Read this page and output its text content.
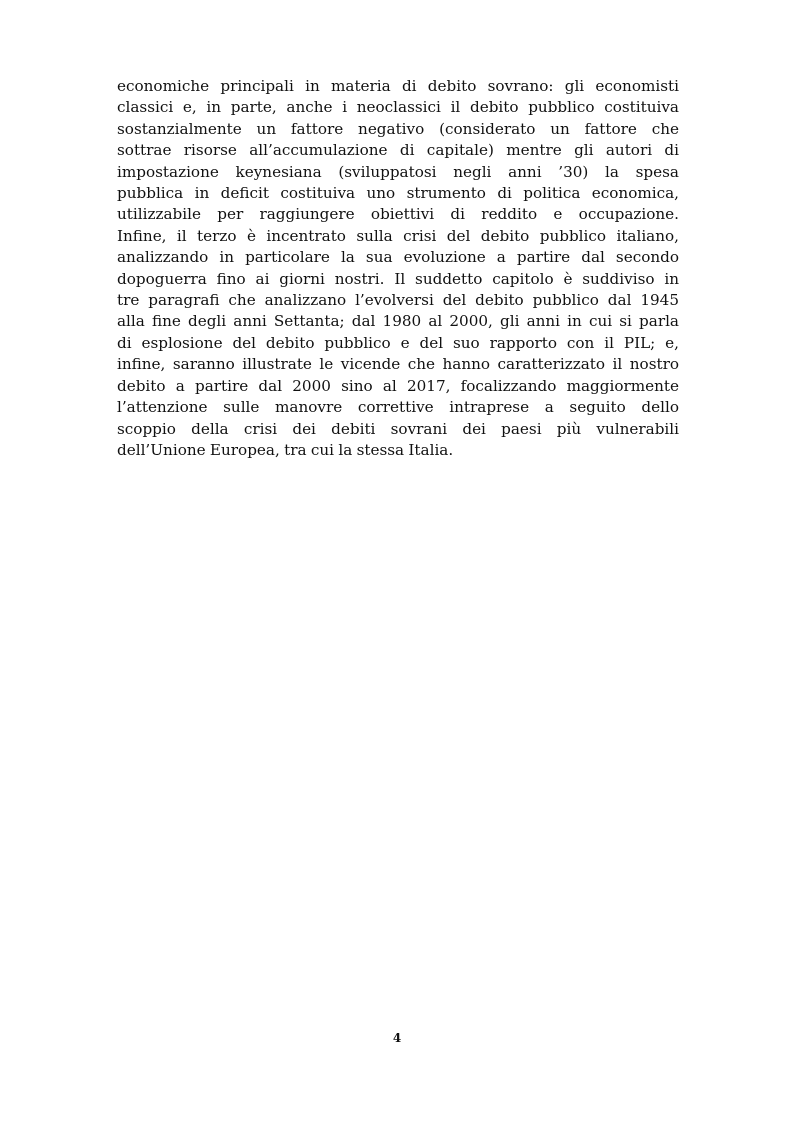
economiche principali in materia di debito sovrano: gli economisti
classici e, in parte, anche i neoclassici il debito pubblico costituiva
sostanzialmente un fattore negativo (considerato un fattore che
sottrae risorse all’accumulazione di capitale) mentre gli autori di
impostazione keynesiana (sviluppatosi negli anni ’30) la spesa
pubblica in deficit costituiva uno strumento di politica economica,
utilizzabile per raggiungere obiettivi di reddito e occupazione.
Infine, il terzo è incentrato sulla crisi del debito pubblico italiano,
analizzando in particolare la sua evoluzione a partire dal secondo
dopoguerra fino ai giorni nostri. Il suddetto capitolo è suddiviso in
tre paragrafi che analizzano l’evolversi del debito pubblico dal 1945
alla fine degli anni Settanta; dal 1980 al 2000, gli anni in cui si parla
di esplosione del debito pubblico e del suo rapporto con il PIL; e,
infine, saranno illustrate le vicende che hanno caratterizzato il nostro
debito a partire dal 2000 sino al 2017, focalizzando maggiormente
l’attenzione sulle manovre correttive intraprese a seguito dello
scoppio della crisi dei debiti sovrani dei paesi più vulnerabili
dell’Unione Europea, tra cui la stessa Italia.

4
